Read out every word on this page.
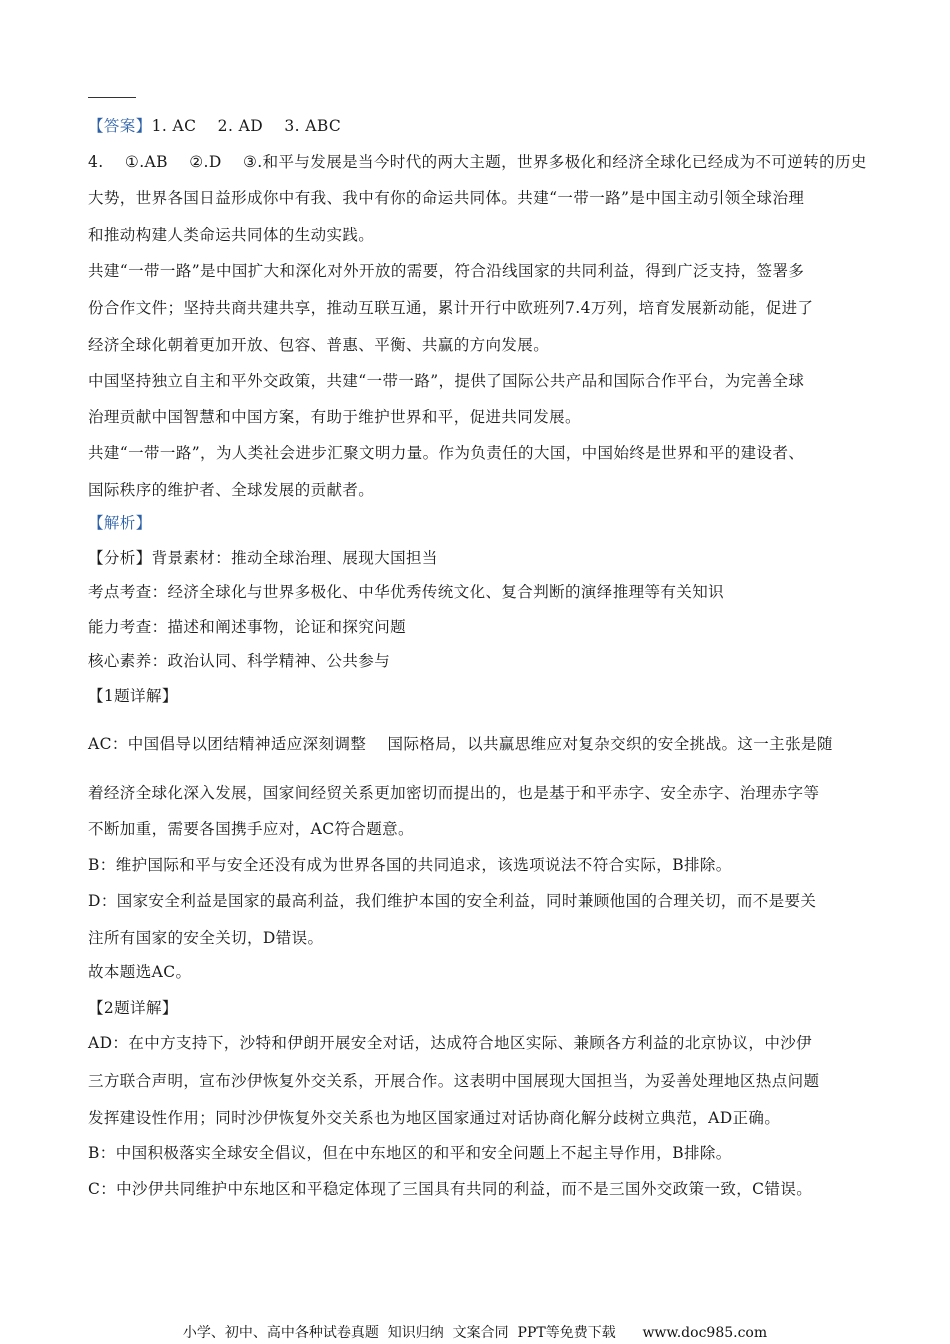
【答案】1. AC    2. AD    3. ABC
4.    ①.AB    ②.D    ③.和平与发展是当今时代的两大主题，世界多极化和经济全球化已经成为不可逆转的历史
大势，世界各国日益形成你中有我、我中有你的命运共同体。共建“一带一路”是中国主动引领全球治理
和推动构建人类命运共同体的生动实践。
共建“一带一路”是中国扩大和深化对外开放的需要，符合沿线国家的共同利益，得到广泛支持，签署多
份合作文件；坚持共商共建共享，推动互联互通，累计开行中欧班列7.4万列，培育发展新动能，促进了
经济全球化朝着更加开放、包容、普惠、平衡、共赢的方向发展。
中国坚持独立自主和平外交政策，共建“一带一路”，提供了国际公共产品和国际合作平台，为完善全球
治理贡献中国智慧和中国方案，有助于维护世界和平，促进共同发展。
共建“一带一路”，为人类社会进步汇聚文明力量。作为负责任的大国，中国始终是世界和平的建设者、
国际秩序的维护者、全球发展的贡献者。
【解析】
【分析】背景素材：推动全球治理、展现大国担当
考点考查：经济全球化与世界多极化、中华优秀传统文化、复合判断的演绎推理等有关知识
能力考查：描述和阐述事物，论证和探究问题
核心素养：政治认同、科学精神、公共参与
【1题详解】
AC：中国倡导以团结精神适应深刻调整    国际格局，以共赢思维应对复杂交织的安全挑战。这一主张是随
着经济全球化深入发展，国家间经贸关系更加密切而提出的，也是基于和平赤字、安全赤字、治理赤字等
不断加重，需要各国携手应对，AC符合题意。
B：维护国际和平与安全还没有成为世界各国的共同追求，该选项说法不符合实际，B排除。
D：国家安全利益是国家的最高利益，我们维护本国的安全利益，同时兼顾他国的合理关切，而不是要关
注所有国家的安全关切，D错误。
故本题选AC。
【2题详解】
AD：在中方支持下，沙特和伊朗开展安全对话，达成符合地区实际、兼顾各方利益的北京协议，中沙伊
三方联合声明，宣布沙伊恢复外交关系，开展合作。这表明中国展现大国担当，为妥善处理地区热点问题
发挥建设性作用；同时沙伊恢复外交关系也为地区国家通过对话协商化解分歧树立典范，AD正确。
B：中国积极落实全球安全倡议，但在中东地区的和平和安全问题上不起主导作用，B排除。
C：中沙伊共同维护中东地区和平稳定体现了三国具有共同的利益，而不是三国外交政策一致，C错误。
小学、初中、高中各种试卷真题  知识归纳  文案合同  PPT等免费下载      www.doc985.com
